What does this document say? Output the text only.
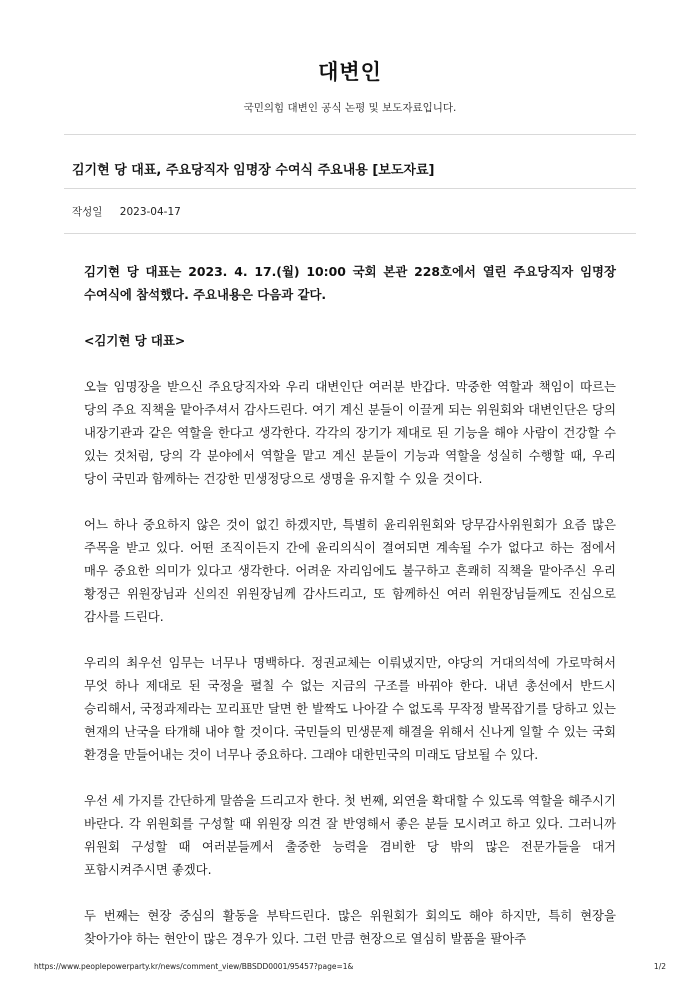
대변인
국민의힘 대변인 공식 논평 및 보도자료입니다.
김기현 당 대표, 주요당직자 임명장 수여식 주요내용 [보도자료]
작성일 2023-04-17

김기현 당 대표는 2023. 4. 17.(월) 10:00 국회 본관 228호에서 열린 주요당직자 임명장 수여식에 참석했다. 주요내용은 다음과 같다.

<김기현 당 대표>

오늘 임명장을 받으신 주요당직자와 우리 대변인단 여러분 반갑다. 막중한 역할과 책임이 따르는 당의 주요 직책을 맡아주셔서 감사드린다. 여기 계신 분들이 이끌게 되는 위원회와 대변인단은 당의 내장기관과 같은 역할을 한다고 생각한다. 각각의 장기가 제대로 된 기능을 해야 사람이 건강할 수 있는 것처럼, 당의 각 분야에서 역할을 맡고 계신 분들이 기능과 역할을 성실히 수행할 때, 우리 당이 국민과 함께하는 건강한 민생정당으로 생명을 유지할 수 있을 것이다.

어느 하나 중요하지 않은 것이 없긴 하겠지만, 특별히 윤리위원회와 당무감사위원회가 요즘 많은 주목을 받고 있다. 어떤 조직이든지 간에 윤리의식이 결여되면 계속될 수가 없다고 하는 점에서 매우 중요한 의미가 있다고 생각한다. 어려운 자리임에도 불구하고 흔쾌히 직책을 맡아주신 우리 황정근 위원장님과 신의진 위원장님께 감사드리고, 또 함께하신 여러 위원장님들께도 진심으로 감사를 드린다.

우리의 최우선 임무는 너무나 명백하다. 정권교체는 이뤄냈지만, 야당의 거대의석에 가로막혀서 무엇 하나 제대로 된 국정을 펼칠 수 없는 지금의 구조를 바꿔야 한다. 내년 총선에서 반드시 승리해서, 국정과제라는 꼬리표만 달면 한 발짝도 나아갈 수 없도록 무작정 발목잡기를 당하고 있는 현재의 난국을 타개해 내야 할 것이다. 국민들의 민생문제 해결을 위해서 신나게 일할 수 있는 국회 환경을 만들어내는 것이 너무나 중요하다. 그래야 대한민국의 미래도 담보될 수 있다.

우선 세 가지를 간단하게 말씀을 드리고자 한다. 첫 번째, 외연을 확대할 수 있도록 역할을 해주시기 바란다. 각 위원회를 구성할 때 위원장 의견 잘 반영해서 좋은 분들 모시려고 하고 있다. 그러니까 위원회 구성할 때 여러분들께서 출중한 능력을 겸비한 당 밖의 많은 전문가들을 대거 포함시켜주시면 좋겠다.

두 번째는 현장 중심의 활동을 부탁드린다. 많은 위원회가 회의도 해야 하지만, 특히 현장을 찾아가야 하는 현안이 많은 경우가 있다. 그런 만큼 현장으로 열심히 발품을 팔아주

https://www.peoplepowerparty.kr/news/comment_view/BBSDD0001/95457?page=1&	1/2
